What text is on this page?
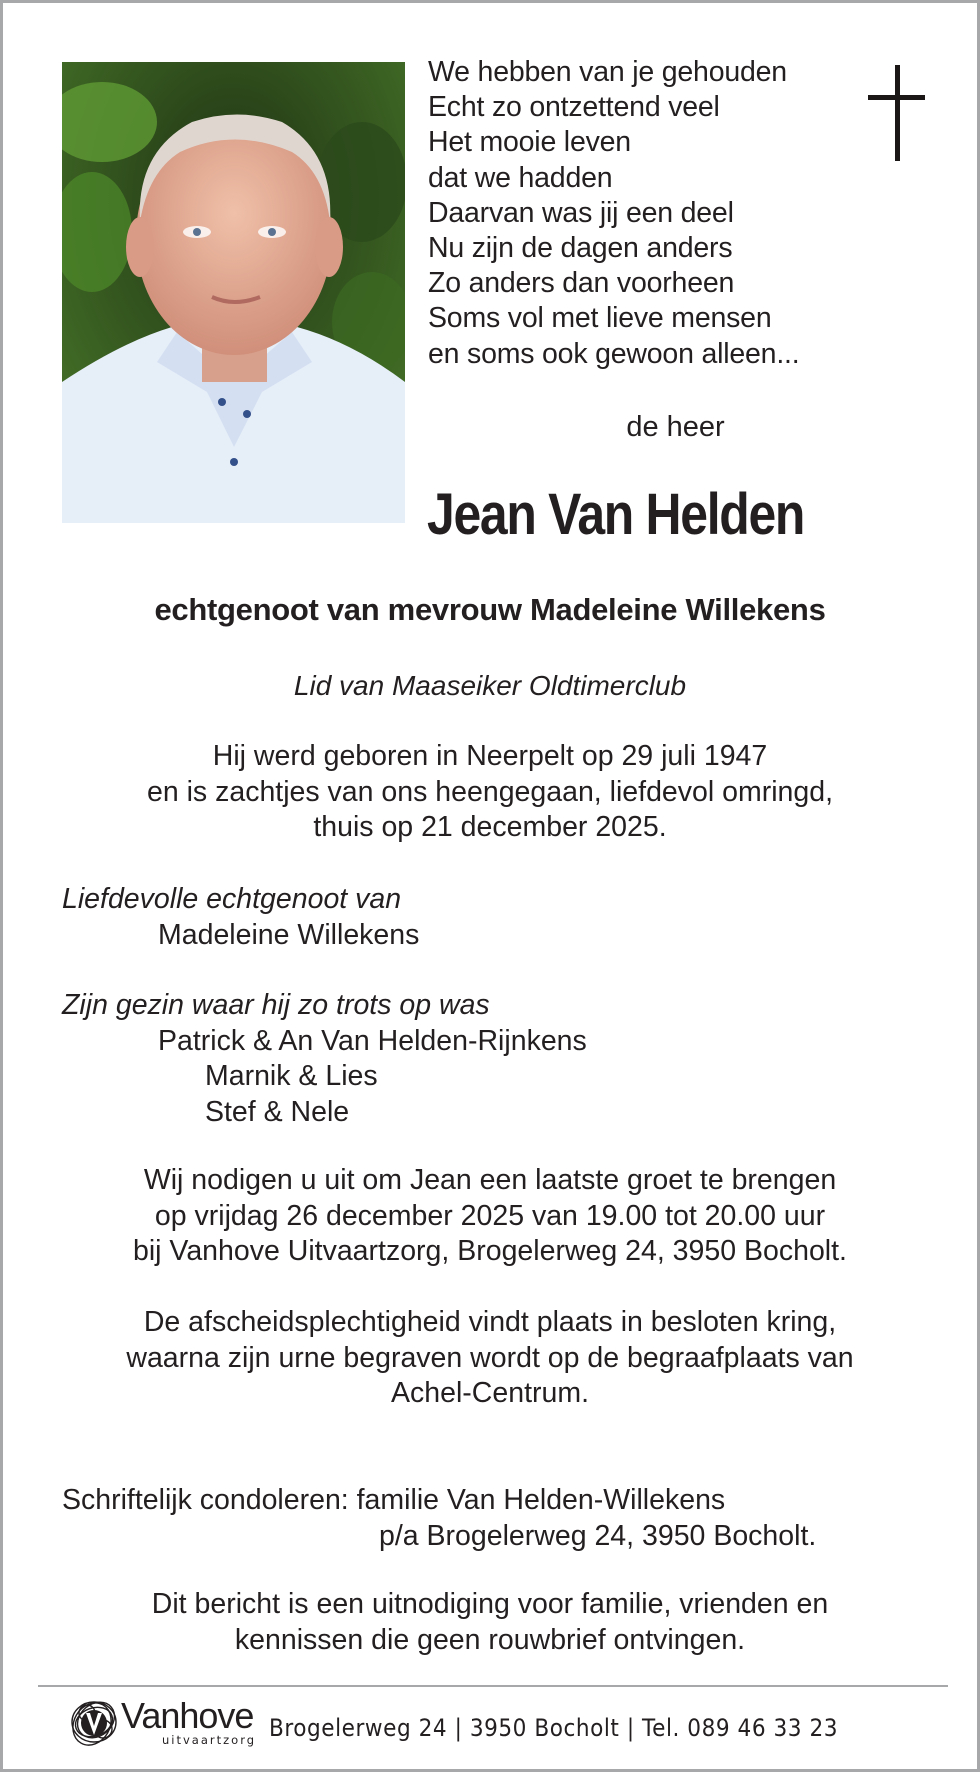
We hebben van je gehouden
Echt zo ontzettend veel
Het mooie leven
dat we hadden
Daarvan was jij een deel
Nu zijn de dagen anders
Zo anders dan voorheen
Soms vol met lieve mensen
en soms ook gewoon alleen...
de heer
Jean Van Helden
echtgenoot van mevrouw Madeleine Willekens
Lid van Maaseiker Oldtimerclub
Hij werd geboren in Neerpelt op 29 juli 1947
en is zachtjes van ons heengegaan, liefdevol omringd,
thuis op 21 december 2025.
Liefdevolle echtgenoot van
Madeleine Willekens
Zijn gezin waar hij zo trots op was
Patrick & An Van Helden-Rijnkens
Marnik & Lies
Stef & Nele
Wij nodigen u uit om Jean een laatste groet te brengen
op vrijdag 26 december 2025 van 19.00 tot 20.00 uur
bij Vanhove Uitvaartzorg, Brogelerweg 24, 3950 Bocholt.
De afscheidsplechtigheid vindt plaats in besloten kring,
waarna zijn urne begraven wordt op de begraafplaats van
Achel-Centrum.
Schriftelijk condoleren: familie Van Helden-Willekens
p/a Brogelerweg 24, 3950 Bocholt.
Dit bericht is een uitnodiging voor familie, vrienden en
kennissen die geen rouwbrief ontvingen.
Vanhove
uitvaartzorg Brogelerweg 24 | 3950 Bocholt | Tel. 089 46 33 23
